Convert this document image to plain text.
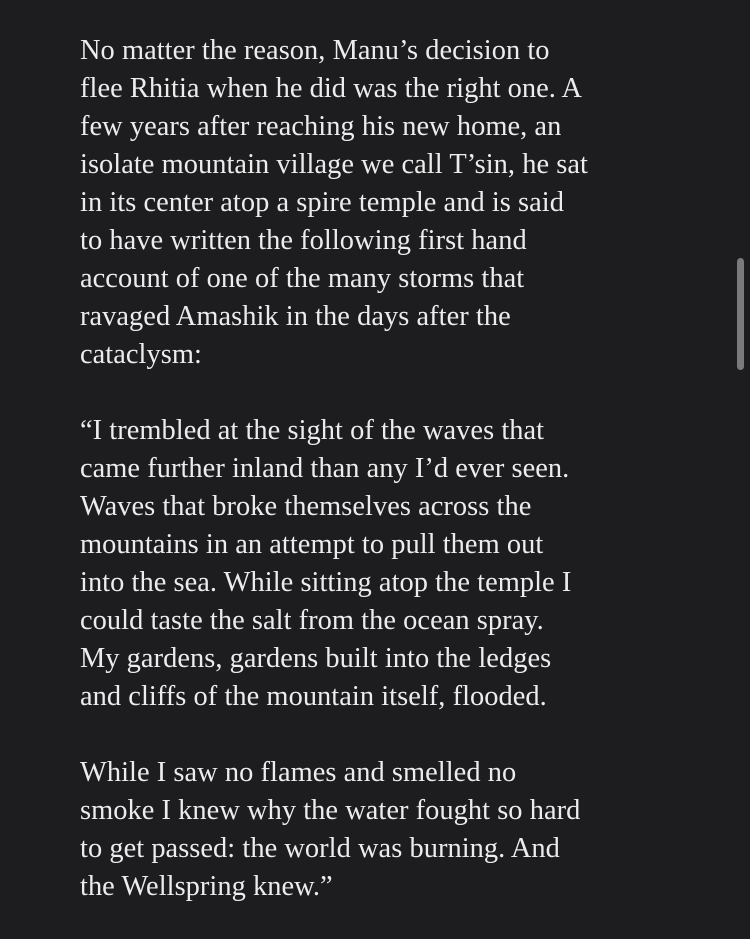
No matter the reason, Manu’s decision to
flee Rhitia when he did was the right one. A
few years after reaching his new home, an
isolate mountain village we call T’sin, he sat
in its center atop a spire temple and is said
to have written the following first hand
account of one of the many storms that
ravaged Amashik in the days after the
cataclysm:
“I trembled at the sight of the waves that
came further inland than any I’d ever seen.
Waves that broke themselves across the
mountains in an attempt to pull them out
into the sea. While sitting atop the temple I
could taste the salt from the ocean spray.
My gardens, gardens built into the ledges
and cliffs of the mountain itself, flooded.
While I saw no flames and smelled no
smoke I knew why the water fought so hard
to get passed: the world was burning. And
the Wellspring knew.”
